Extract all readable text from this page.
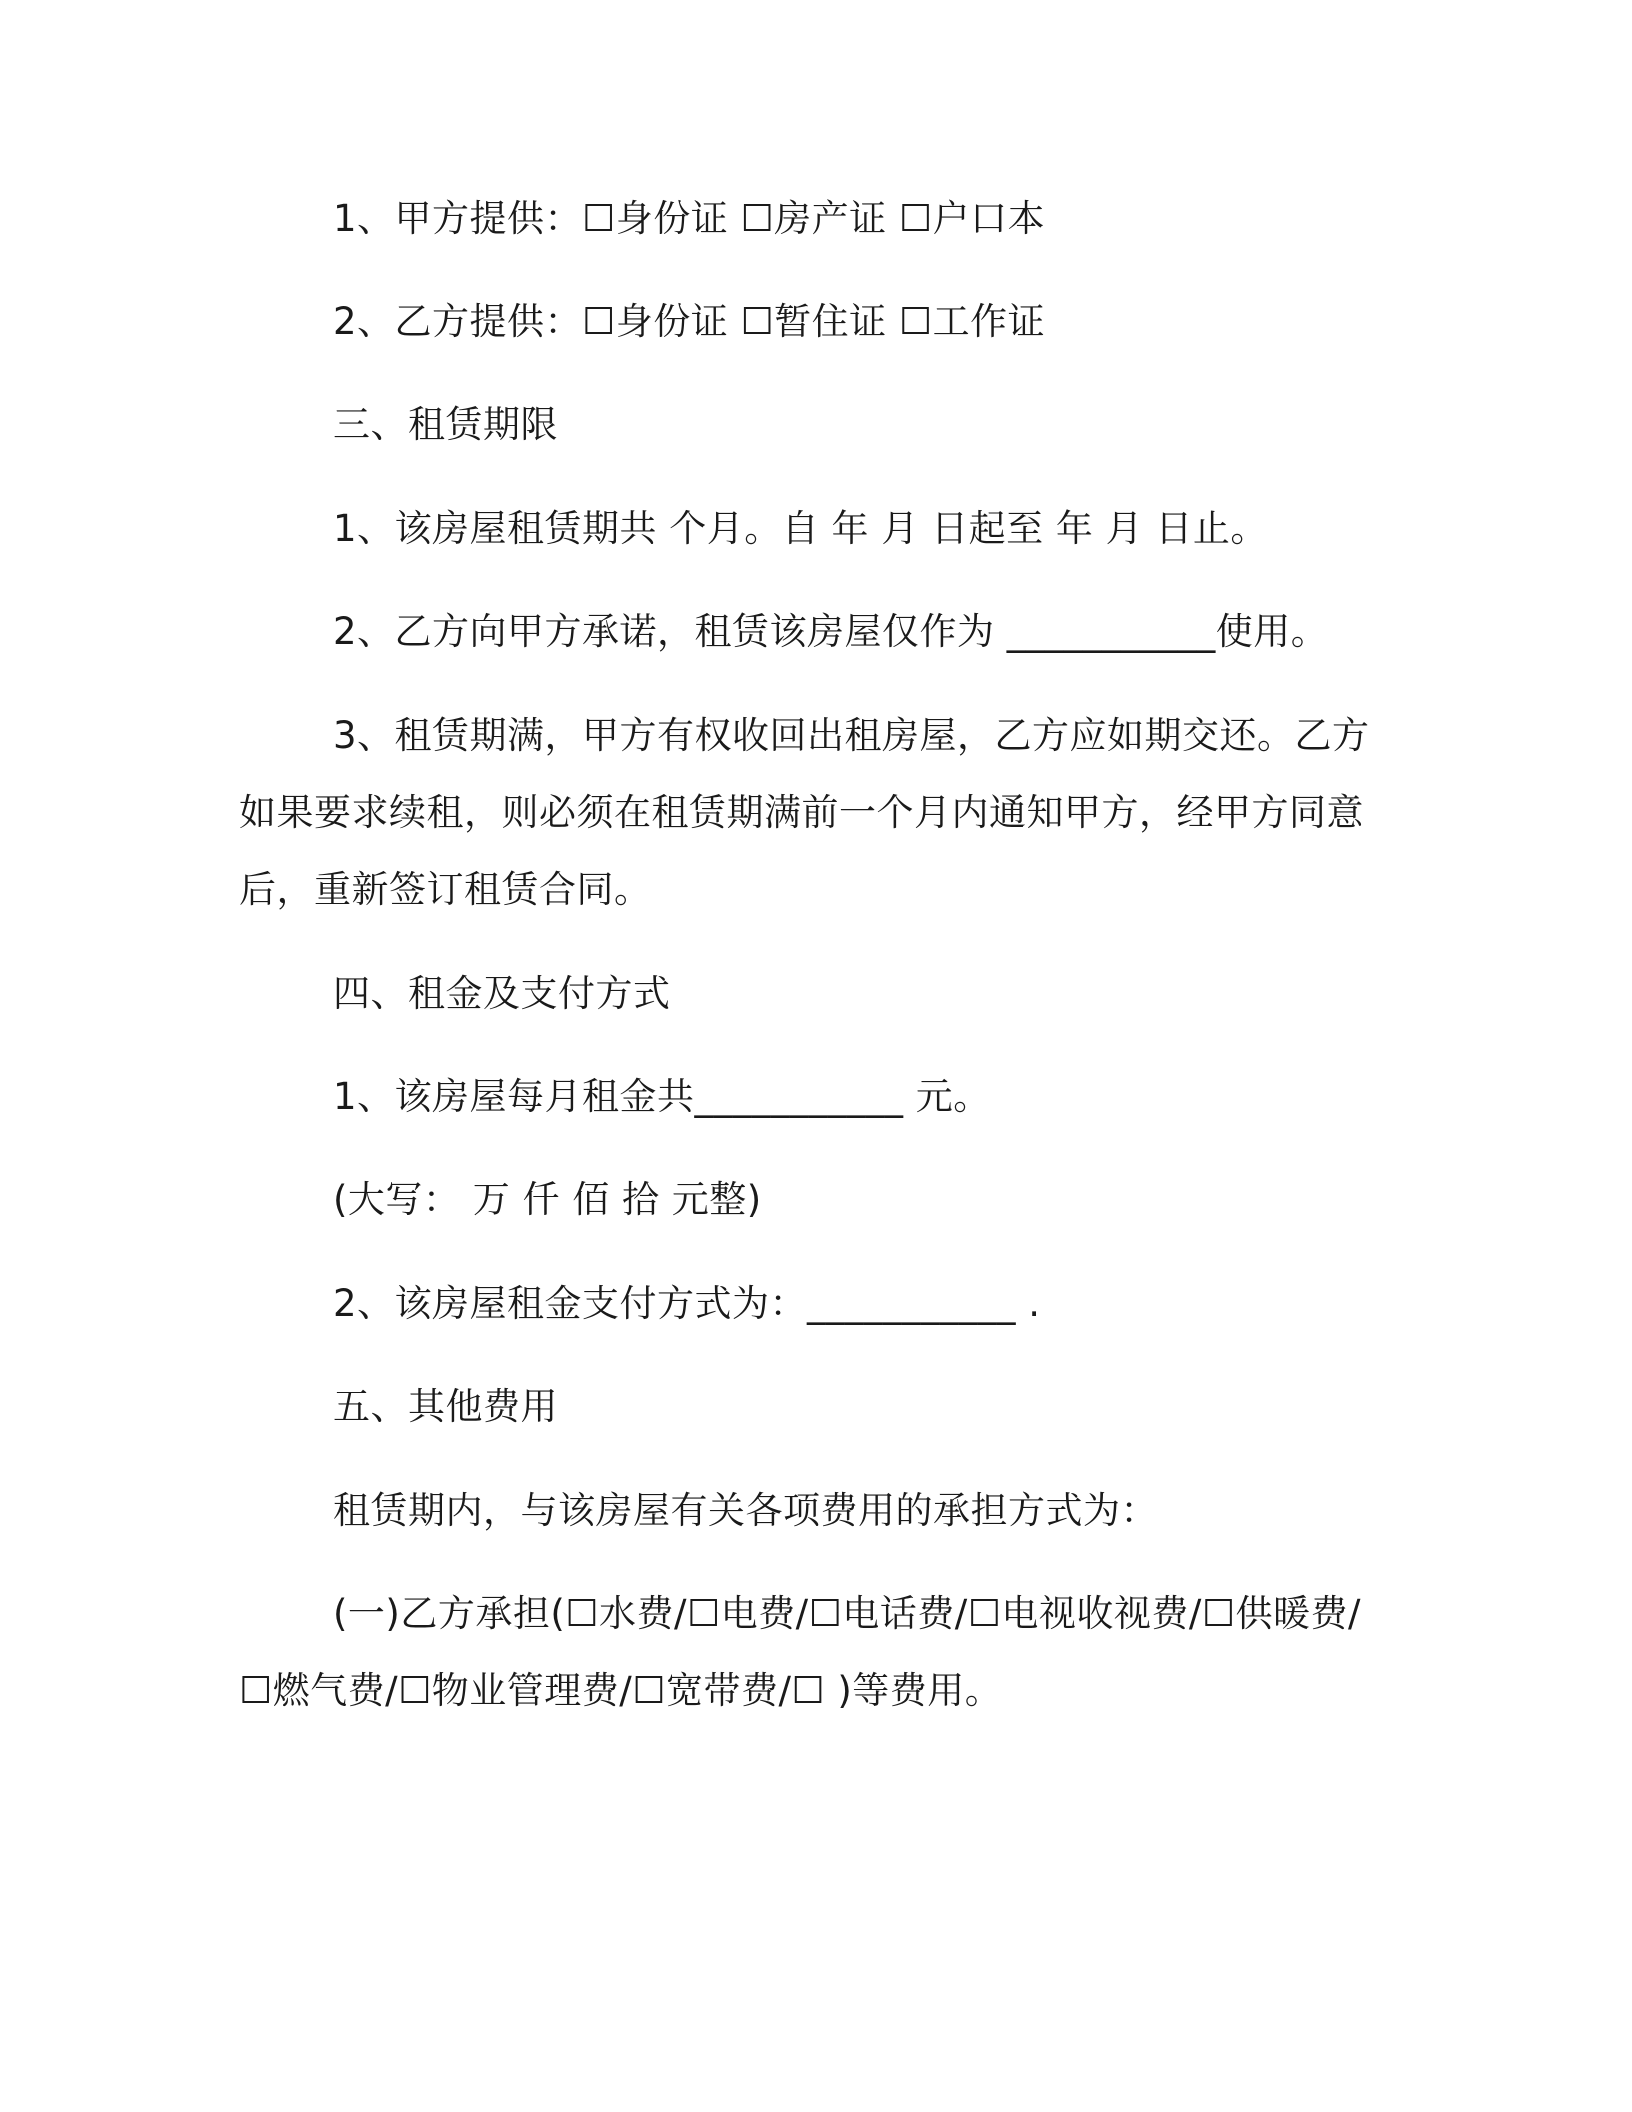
1、甲方提供：☐身份证 ☐房产证 ☐户口本
2、乙方提供：☐身份证 ☐暂住证 ☐工作证
三、租赁期限
1、该房屋租赁期共 个月。自 年 月 日起至 年 月 日止。
2、乙方向甲方承诺，租赁该房屋仅作为 ___________使用。
3、租赁期满，甲方有权收回出租房屋，乙方应如期交还。乙方
如果要求续租，则必须在租赁期满前一个月内通知甲方，经甲方同意
后，重新签订租赁合同。
四、租金及支付方式
1、该房屋每月租金共___________ 元。
(大写： 万 仟 佰 拾 元整)
2、该房屋租金支付方式为：___________ .
五、其他费用
租赁期内，与该房屋有关各项费用的承担方式为：
(一)乙方承担(☐水费/☐电费/☐电话费/☐电视收视费/☐供暖费/
☐燃气费/☐物业管理费/☐宽带费/☐ )等费用。
